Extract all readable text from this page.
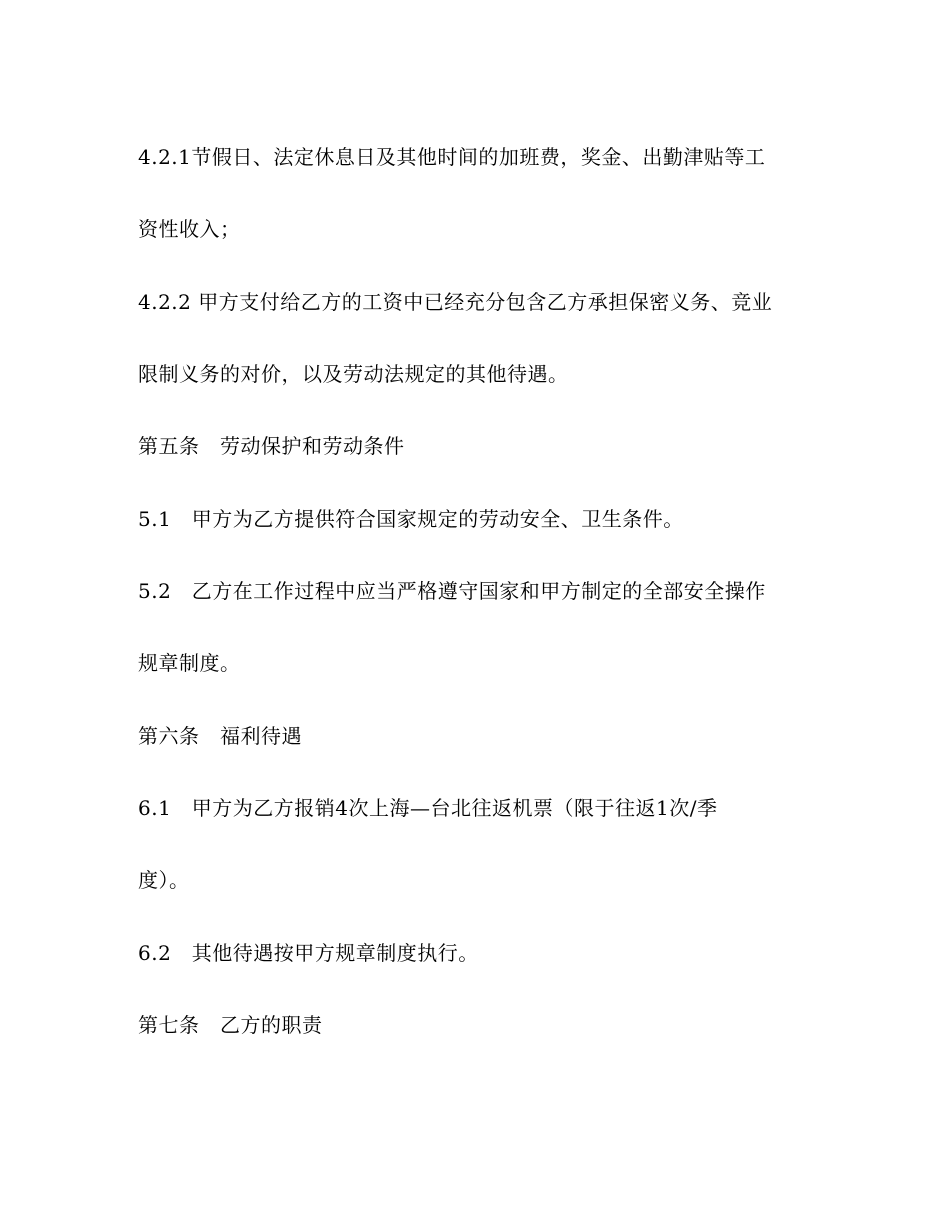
4.2.1节假日、法定休息日及其他时间的加班费，奖金、出勤津贴等工
资性收入；
4.2.2 甲方支付给乙方的工资中已经充分包含乙方承担保密义务、竞业
限制义务的对价，以及劳动法规定的其他待遇。
第五条　劳动保护和劳动条件
5.1　甲方为乙方提供符合国家规定的劳动安全、卫生条件。
5.2　乙方在工作过程中应当严格遵守国家和甲方制定的全部安全操作
规章制度。
第六条　福利待遇
6.1　甲方为乙方报销4次上海—台北往返机票（限于往返1次/季
度）。
6.2　其他待遇按甲方规章制度执行。
第七条　乙方的职责
